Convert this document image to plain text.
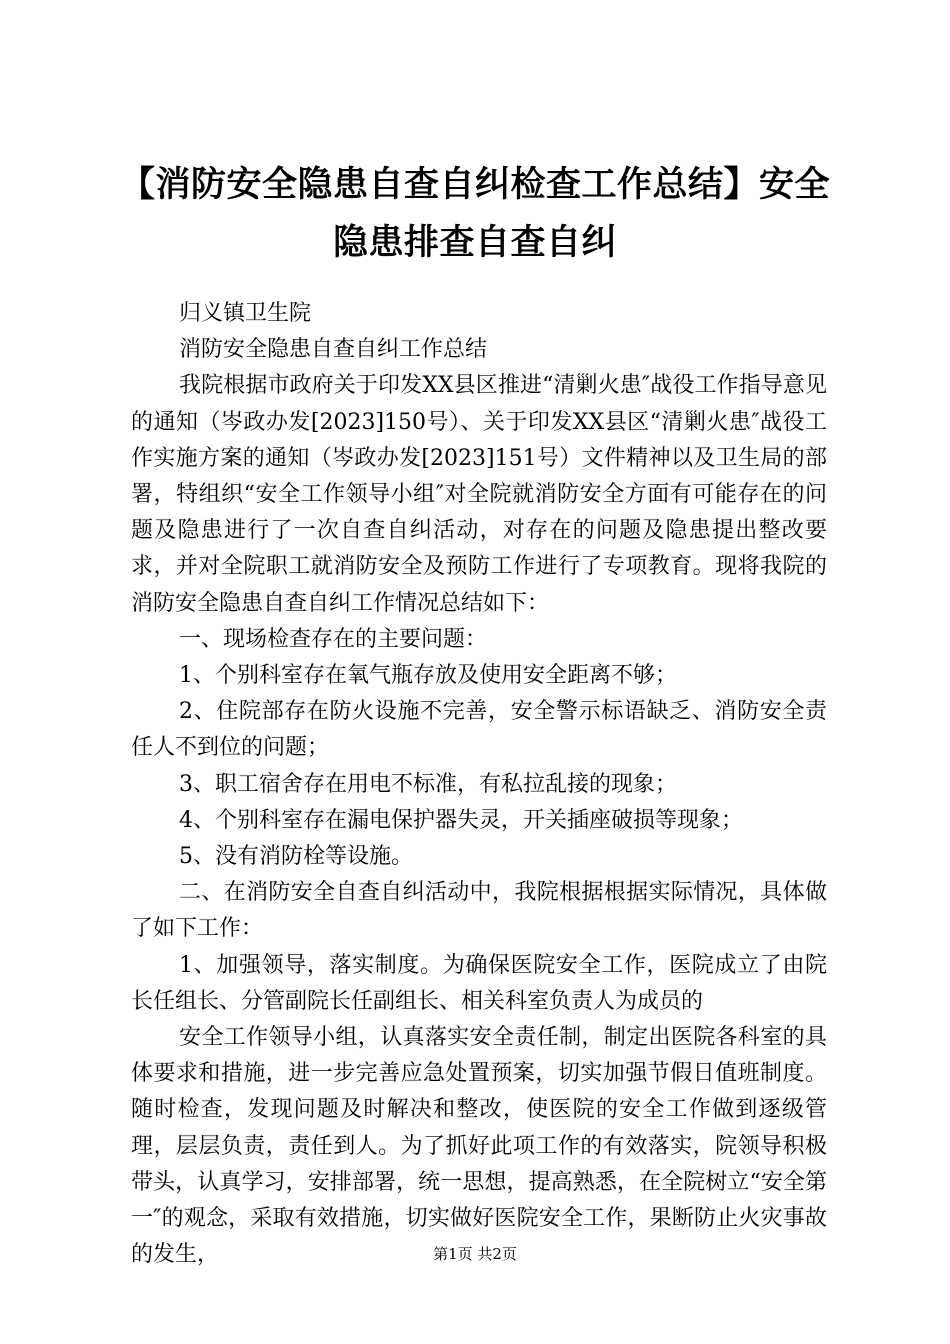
【消防安全隐患自查自纠检查工作总结】安全
隐患排查自查自纠

归义镇卫生院

消防安全隐患自查自纠工作总结

我院根据市政府关于印发XX县区推进“清剿火患″战役工作指导意见的通知（岑政办发[2023]150号）、关于印发XX县区“清剿火患″战役工作实施方案的通知（岑政办发[2023]151号）文件精神以及卫生局的部署，特组织“安全工作领导小组″对全院就消防安全方面有可能存在的问题及隐患进行了一次自查自纠活动，对存在的问题及隐患提出整改要求，并对全院职工就消防安全及预防工作进行了专项教育。现将我院的消防安全隐患自查自纠工作情况总结如下：

一、现场检查存在的主要问题：

1、个别科室存在氧气瓶存放及使用安全距离不够；

2、住院部存在防火设施不完善，安全警示标语缺乏、消防安全责任人不到位的问题；

3、职工宿舍存在用电不标准，有私拉乱接的现象；

4、个别科室存在漏电保护器失灵，开关插座破损等现象；

5、没有消防栓等设施。

二、在消防安全自查自纠活动中，我院根据根据实际情况，具体做了如下工作：

1、加强领导，落实制度。为确保医院安全工作，医院成立了由院长任组长、分管副院长任副组长、相关科室负责人为成员的

安全工作领导小组，认真落实安全责任制，制定出医院各科室的具体要求和措施，进一步完善应急处置预案，切实加强节假日值班制度。随时检查，发现问题及时解决和整改，使医院的安全工作做到逐级管理，层层负责，责任到人。为了抓好此项工作的有效落实，院领导积极带头，认真学习，安排部署，统一思想，提高熟悉，在全院树立“安全第一″的观念，采取有效措施，切实做好医院安全工作，果断防止火灾事故的发生，	第1页 共2页
